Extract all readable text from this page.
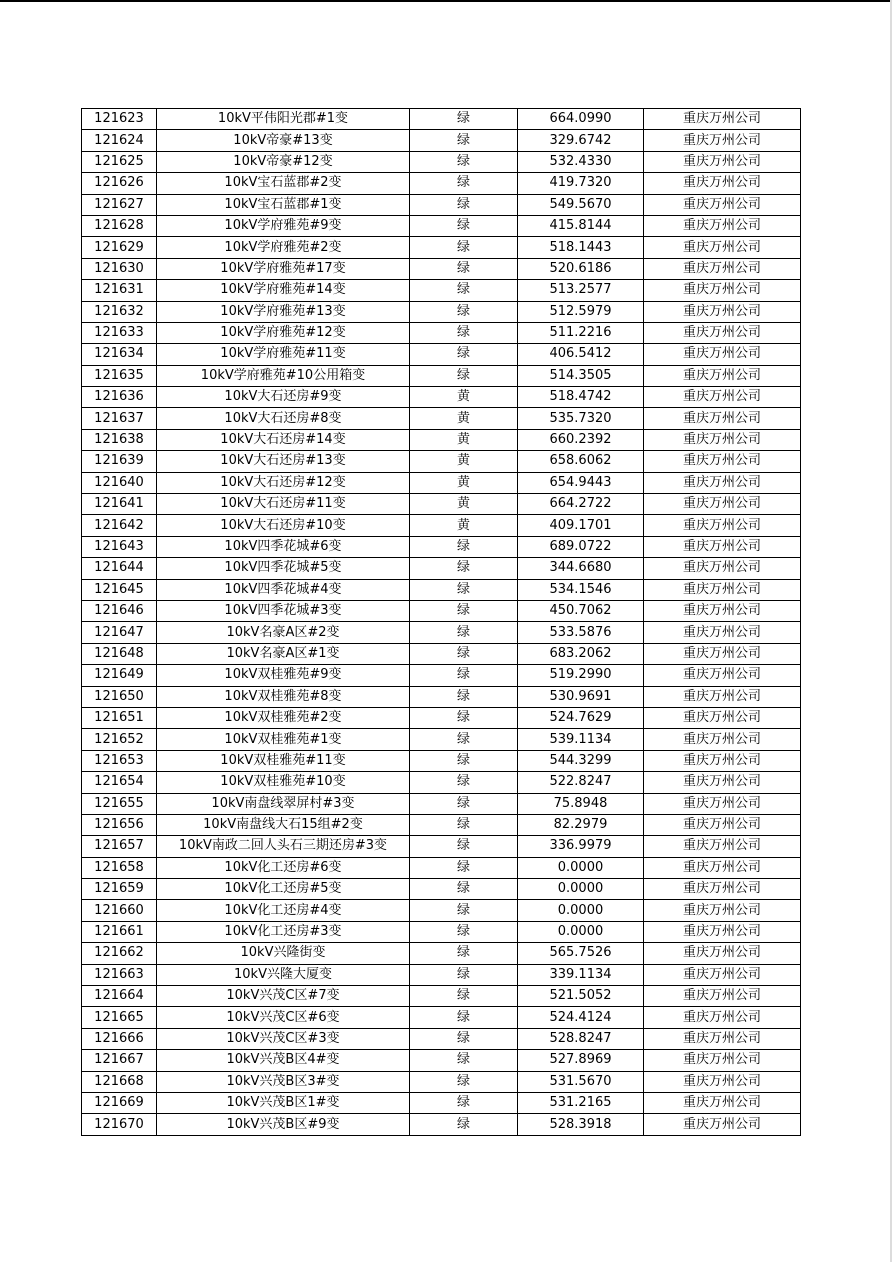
121623	10kV平伟阳光郡#1变	绿	664.0990	重庆万州公司
121624	10kV帝豪#13变	绿	329.6742	重庆万州公司
121625	10kV帝豪#12变	绿	532.4330	重庆万州公司
121626	10kV宝石蓝郡#2变	绿	419.7320	重庆万州公司
121627	10kV宝石蓝郡#1变	绿	549.5670	重庆万州公司
121628	10kV学府雅苑#9变	绿	415.8144	重庆万州公司
121629	10kV学府雅苑#2变	绿	518.1443	重庆万州公司
121630	10kV学府雅苑#17变	绿	520.6186	重庆万州公司
121631	10kV学府雅苑#14变	绿	513.2577	重庆万州公司
121632	10kV学府雅苑#13变	绿	512.5979	重庆万州公司
121633	10kV学府雅苑#12变	绿	511.2216	重庆万州公司
121634	10kV学府雅苑#11变	绿	406.5412	重庆万州公司
121635	10kV学府雅苑#10公用箱变	绿	514.3505	重庆万州公司
121636	10kV大石还房#9变	黄	518.4742	重庆万州公司
121637	10kV大石还房#8变	黄	535.7320	重庆万州公司
121638	10kV大石还房#14变	黄	660.2392	重庆万州公司
121639	10kV大石还房#13变	黄	658.6062	重庆万州公司
121640	10kV大石还房#12变	黄	654.9443	重庆万州公司
121641	10kV大石还房#11变	黄	664.2722	重庆万州公司
121642	10kV大石还房#10变	黄	409.1701	重庆万州公司
121643	10kV四季花城#6变	绿	689.0722	重庆万州公司
121644	10kV四季花城#5变	绿	344.6680	重庆万州公司
121645	10kV四季花城#4变	绿	534.1546	重庆万州公司
121646	10kV四季花城#3变	绿	450.7062	重庆万州公司
121647	10kV名豪A区#2变	绿	533.5876	重庆万州公司
121648	10kV名豪A区#1变	绿	683.2062	重庆万州公司
121649	10kV双桂雅苑#9变	绿	519.2990	重庆万州公司
121650	10kV双桂雅苑#8变	绿	530.9691	重庆万州公司
121651	10kV双桂雅苑#2变	绿	524.7629	重庆万州公司
121652	10kV双桂雅苑#1变	绿	539.1134	重庆万州公司
121653	10kV双桂雅苑#11变	绿	544.3299	重庆万州公司
121654	10kV双桂雅苑#10变	绿	522.8247	重庆万州公司
121655	10kV南盘线翠屏村#3变	绿	75.8948	重庆万州公司
121656	10kV南盘线大石15组#2变	绿	82.2979	重庆万州公司
121657	10kV南政二回人头石三期还房#3变	绿	336.9979	重庆万州公司
121658	10kV化工还房#6变	绿	0.0000	重庆万州公司
121659	10kV化工还房#5变	绿	0.0000	重庆万州公司
121660	10kV化工还房#4变	绿	0.0000	重庆万州公司
121661	10kV化工还房#3变	绿	0.0000	重庆万州公司
121662	10kV兴隆街变	绿	565.7526	重庆万州公司
121663	10kV兴隆大厦变	绿	339.1134	重庆万州公司
121664	10kV兴茂C区#7变	绿	521.5052	重庆万州公司
121665	10kV兴茂C区#6变	绿	524.4124	重庆万州公司
121666	10kV兴茂C区#3变	绿	528.8247	重庆万州公司
121667	10kV兴茂B区4#变	绿	527.8969	重庆万州公司
121668	10kV兴茂B区3#变	绿	531.5670	重庆万州公司
121669	10kV兴茂B区1#变	绿	531.2165	重庆万州公司
121670	10kV兴茂B区#9变	绿	528.3918	重庆万州公司
